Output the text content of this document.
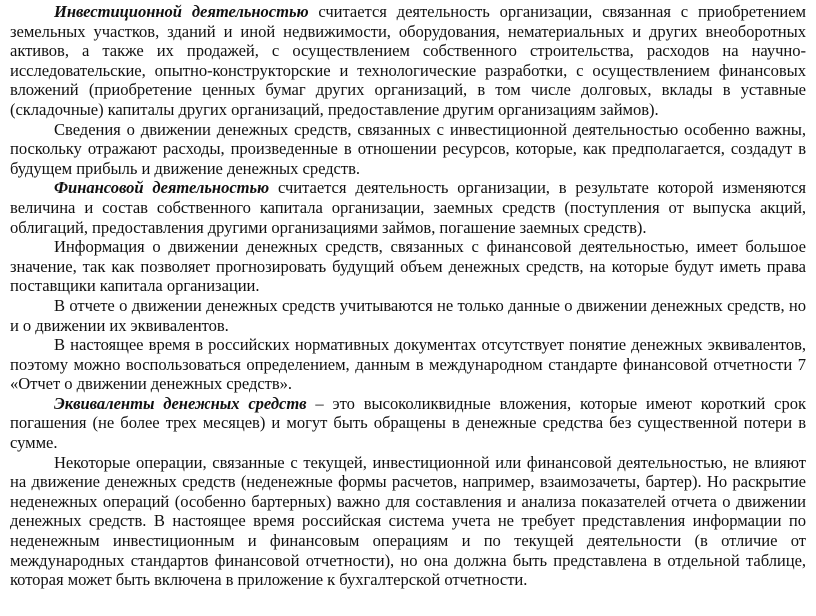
Инвестиционной деятельностью считается деятельность организации, связанная с приобретением земельных участков, зданий и иной недвижимости, оборудования, нематериальных и других внеоборотных активов, а также их продажей, с осуществлением собственного строительства, расходов на научно-исследовательские, опытно-конструкторские и технологические разработки, с осуществлением финансовых вложений (приобретение ценных бумаг других организаций, в том числе долговых, вклады в уставные (складочные) капиталы других организаций, предоставление другим организациям займов).

Сведения о движении денежных средств, связанных с инвестиционной деятельностью особенно важны, поскольку отражают расходы, произведенные в отношении ресурсов, которые, как предполагается, создадут в будущем прибыль и движение денежных средств.

Финансовой деятельностью считается деятельность организации, в результате которой изменяются величина и состав собственного капитала организации, заемных средств (поступления от выпуска акций, облигаций, предоставления другими организациями займов, погашение заемных средств).

Информация о движении денежных средств, связанных с финансовой деятельностью, имеет большое значение, так как позволяет прогнозировать будущий объем денежных средств, на которые будут иметь права поставщики капитала организации.

В отчете о движении денежных средств учитываются не только данные о движении денежных средств, но и о движении их эквивалентов.

В настоящее время в российских нормативных документах отсутствует понятие денежных эквивалентов, поэтому можно воспользоваться определением, данным в международном стандарте финансовой отчетности 7 «Отчет о движении денежных средств».

Эквиваленты денежных средств – это высоколиквидные вложения, которые имеют короткий срок погашения (не более трех месяцев) и могут быть обращены в денежные средства без существенной потери в сумме.

Некоторые операции, связанные с текущей, инвестиционной или финансовой деятельностью, не влияют на движение денежных средств (неденежные формы расчетов, например, взаимозачеты, бартер). Но раскрытие неденежных операций (особенно бартерных) важно для составления и анализа показателей отчета о движении денежных средств. В настоящее время российская система учета не требует представления информации по неденежным инвестиционным и финансовым операциям и по текущей деятельности (в отличие от международных стандартов финансовой отчетности), но она должна быть представлена в отдельной таблице, которая может быть включена в приложение к бухгалтерской отчетности.
